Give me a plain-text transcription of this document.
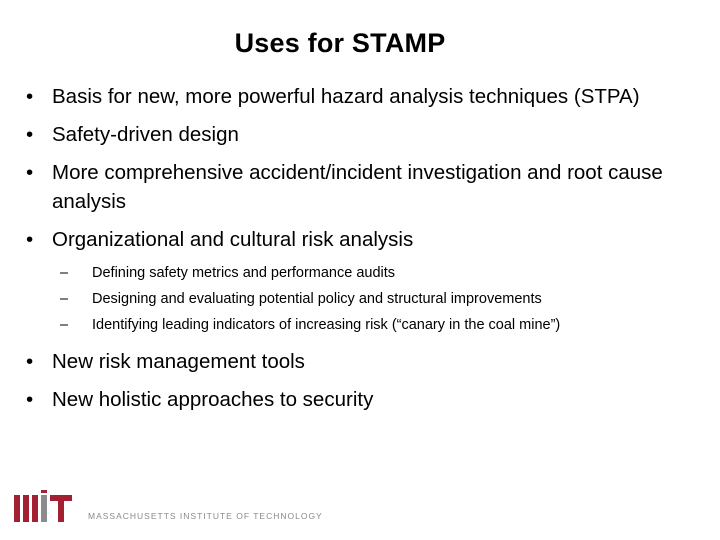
Uses for STAMP
• Basis for new, more powerful hazard analysis techniques (STPA)
• Safety-driven design
• More comprehensive accident/incident investigation and root cause analysis
• Organizational and cultural risk analysis
– Defining safety metrics and performance audits
– Designing and evaluating potential policy and structural improvements
– Identifying leading indicators of increasing risk (“canary in the coal mine”)
• New risk management tools
• New holistic approaches to security
MASSACHUSETTS INSTITUTE OF TECHNOLOGY
